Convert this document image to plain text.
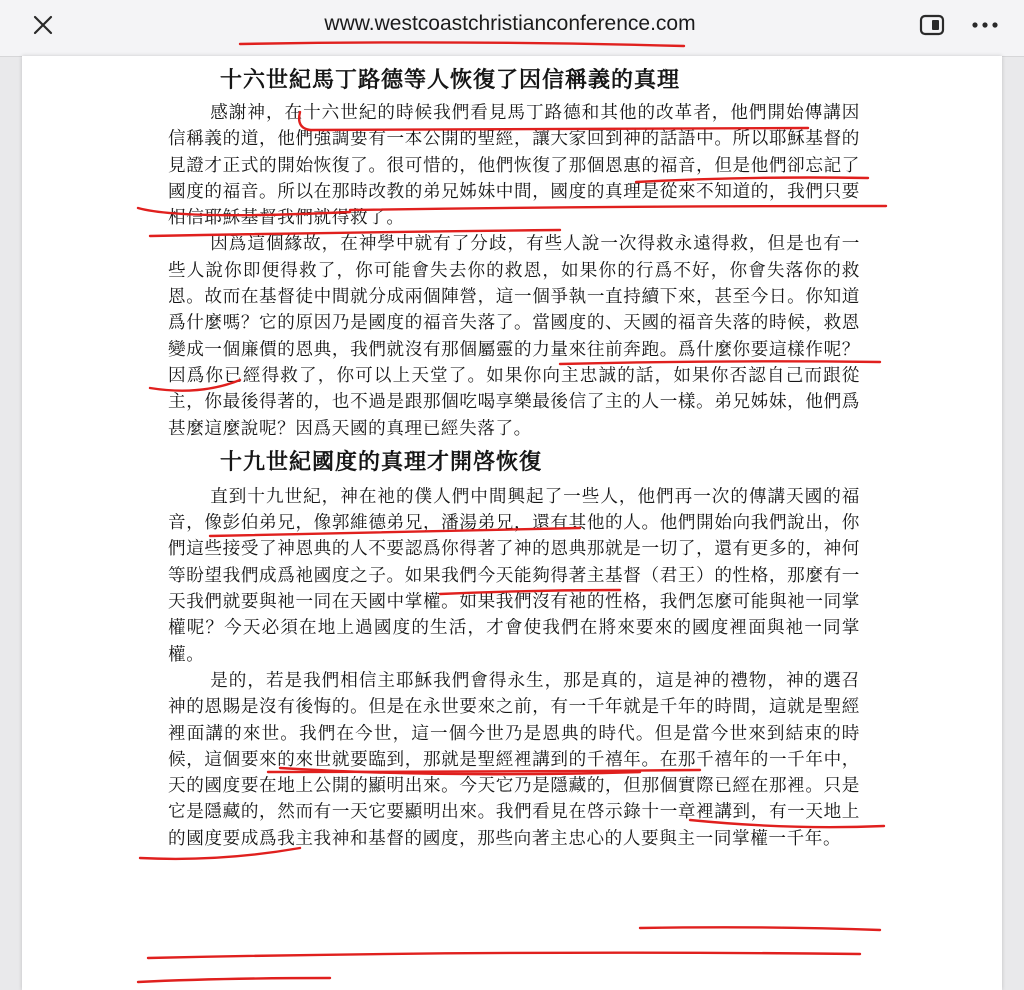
www.westcoastchristianconference.com
十六世紀馬丁路德等人恢復了因信稱義的真理

感謝神，在十六世紀的時候我們看見馬丁路德和其他的改革者，他們開始傳講因信稱義的道，他們強調要有一本公開的聖經，讓大家回到神的話語中。所以耶穌基督的見證才正式的開始恢復了。很可惜的，他們恢復了那個恩惠的福音，但是他們卻忘記了國度的福音。所以在那時改教的弟兄姊妹中間，國度的真理是從來不知道的，我們只要相信耶穌基督我們就得救了。

因爲這個緣故，在神學中就有了分歧，有些人說一次得救永遠得救，但是也有一些人說你即便得救了，你可能會失去你的救恩，如果你的行爲不好，你會失落你的救恩。故而在基督徒中間就分成兩個陣營，這一個爭執一直持續下來，甚至今日。你知道爲什麼嗎？它的原因乃是國度的福音失落了。當國度的、天國的福音失落的時候，救恩變成一個廉價的恩典，我們就沒有那個屬靈的力量來往前奔跑。爲什麼你要這樣作呢？因爲你已經得救了，你可以上天堂了。如果你向主忠誠的話，如果你否認自己而跟從主，你最後得著的，也不過是跟那個吃喝享樂最後信了主的人一樣。弟兄姊妹，他們爲甚麼這麼說呢？因爲天國的真理已經失落了。

十九世紀國度的真理才開啓恢復

直到十九世紀，神在祂的僕人們中間興起了一些人，他們再一次的傳講天國的福音，像彭伯弟兄，像郭維德弟兄，潘湯弟兄，還有其他的人。他們開始向我們說出，你們這些接受了神恩典的人不要認爲你得著了神的恩典那就是一切了，還有更多的，神何等盼望我們成爲祂國度之子。如果我們今天能夠得著主基督（君王）的性格，那麼有一天我們就要與祂一同在天國中掌權。如果我們沒有祂的性格，我們怎麼可能與祂一同掌權呢？今天必須在地上過國度的生活，才會使我們在將來要來的國度裡面與祂一同掌權。

是的，若是我們相信主耶穌我們會得永生，那是真的，這是神的禮物，神的選召神的恩賜是沒有後悔的。但是在永世要來之前，有一千年就是千年的時間，這就是聖經裡面講的來世。我們在今世，這一個今世乃是恩典的時代。但是當今世來到結束的時候，這個要來的來世就要臨到，那就是聖經裡講到的千禧年。在那千禧年的一千年中，天的國度要在地上公開的顯明出來。今天它乃是隱藏的，但那個實際已經在那裡。只是它是隱藏的，然而有一天它要顯明出來。我們看見在啓示錄十一章裡講到，有一天地上的國度要成爲我主我神和基督的國度，那些向著主忠心的人要與主一同掌權一千年。
